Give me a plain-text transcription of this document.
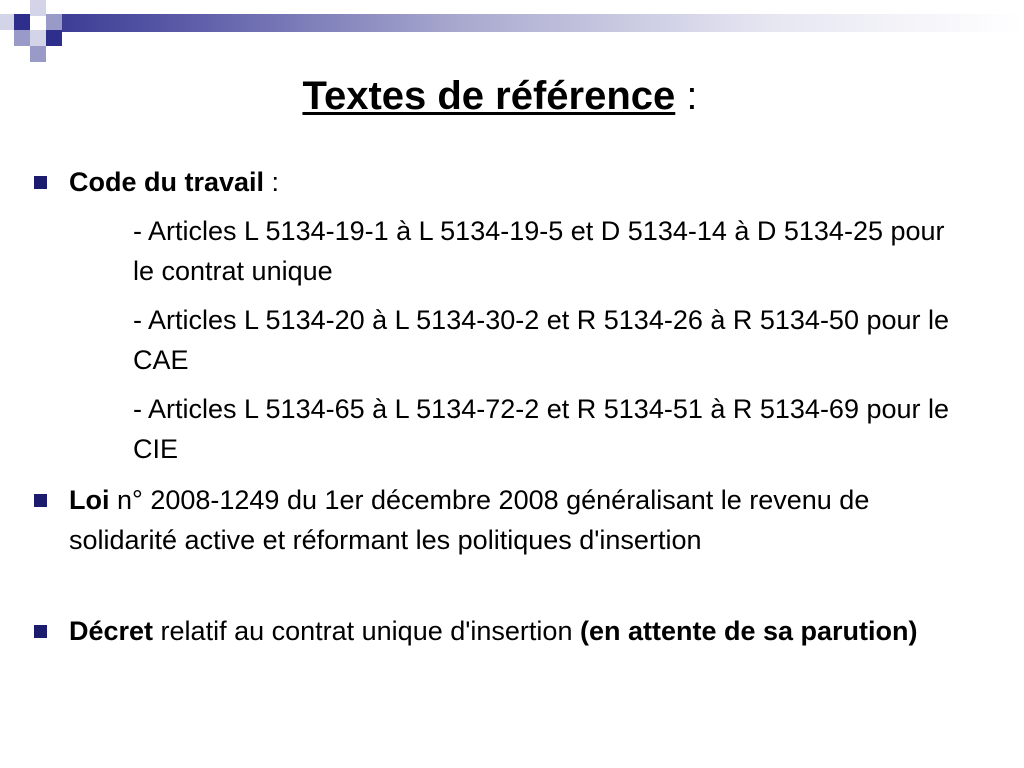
Textes de référence :
Code du travail :
- Articles L 5134-19-1 à L 5134-19-5 et D 5134-14 à D 5134-25 pour le contrat unique
- Articles L 5134-20 à L 5134-30-2 et R 5134-26 à R 5134-50 pour le CAE
- Articles L 5134-65 à L 5134-72-2 et R 5134-51 à R 5134-69 pour le CIE
Loi n° 2008-1249 du 1er décembre 2008 généralisant le revenu de solidarité active et réformant les politiques d'insertion
Décret relatif au contrat unique d'insertion (en attente de sa parution)
